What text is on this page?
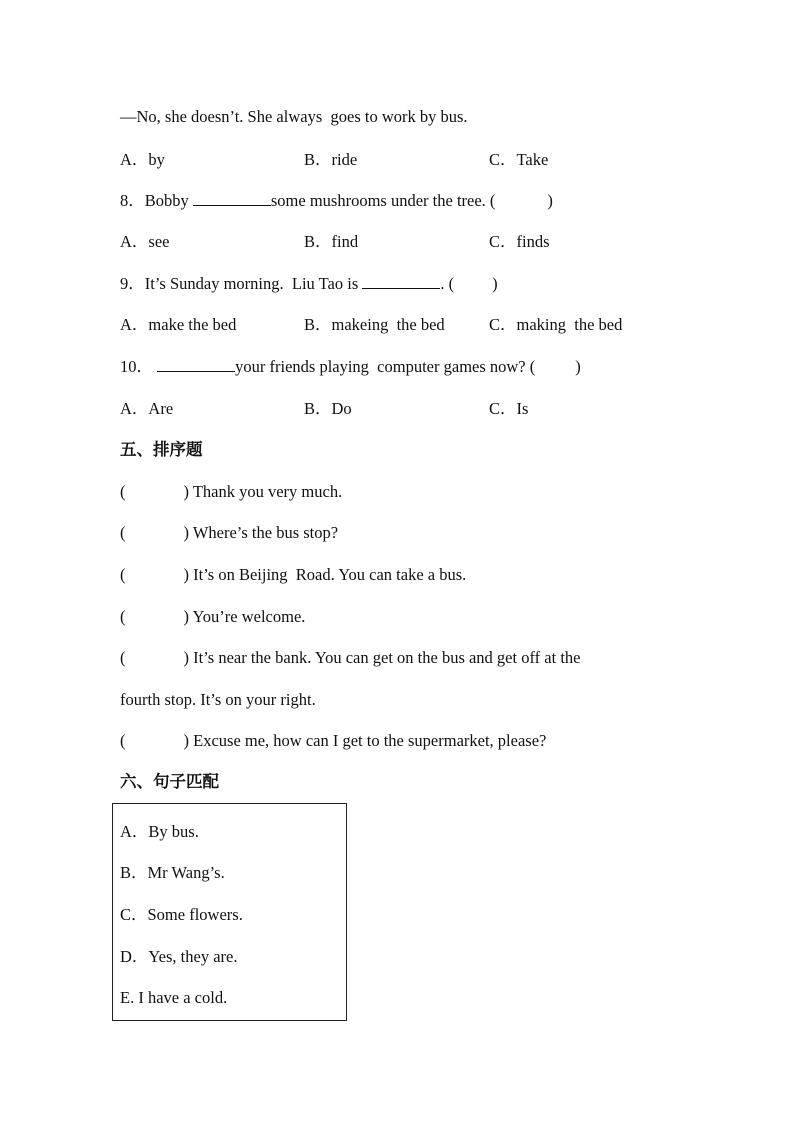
—No, she doesn’t. She always  goes to work by bus.
A．by	B．ride	C．Take
8．Bobby	some mushrooms under the tree. (	)
A．see	B．find	C．finds
9．It’s Sunday morning.  Liu Tao is	. ( )
A．make the bed	B．makeing  the bed	C．making  the bed
10．	your friends playing  computer games now? ( )
A．Are	B．Do	C．Is
五、排序题
(	) Thank you very much.
(	) Where’s the bus stop?
(	) It’s on Beijing  Road. You can take a bus.
(	) You’re welcome.
(	) It’s near the bank. You can get on the bus and get off at the
fourth stop. It’s on your right.
(	) Excuse me, how can I get to the supermarket, please?
六、句子匹配
A．By bus.
B．Mr Wang’s.
C．Some flowers.
D．Yes, they are.
E. I have a cold.
